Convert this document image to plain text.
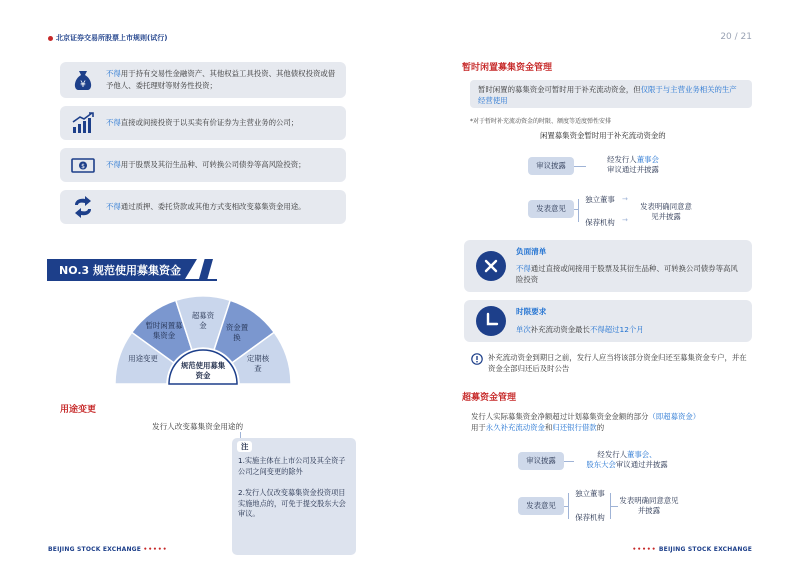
北京证券交易所股票上市规则(试行)	20 / 21
¥
不得用于持有交易性金融资产、其他权益工具投资、其他债权投资或借予他人、委托理财等财务性投资；
不得直接或间接投资于以买卖有价证券为主营业务的公司；
$	不得用于股票及其衍生品种、可转换公司债券等高风险投资；
不得通过质押、委托贷款或其他方式变相改变募集资金用途。
NO.3 规范使用募集资金
用途变更
暂时闲置募集资金
超募资金	资金置换
定期核查
规范使用募集资金
用途变更
发行人改变募集资金用途的
注
1.实施主体在上市公司及其全资子公司之间变更的除外
2.发行人仅改变募集资金投资项目实施地点的，可免于提交股东大会审议。
BEIJING STOCK EXCHANGE •••••
暂时闲置募集资金管理
暂时闲置的募集资金可暂时用于补充流动资金，但仅限于与主营业务相关的生产经营使用
*对于暂时补充流动资金的时限、额度等适度弹性安排
闲置募集资金暂时用于补充流动资金的
审议披露
经发行人董事会
审议通过并披露
发表意见
独立董事
保荐机构
→
→
发表明确同意意见并披露
负面清单
不得通过直接或间接用于股票及其衍生品种、可转换公司债券等高风险投资
时限要求
单次补充流动资金最长不得超过12个月
补充流动资金到期日之前，发行人应当将该部分资金归还至募集资金专户，并在资金全部归还后及时公告
超募资金管理
发行人实际募集资金净额超过计划募集资金金额的部分（即超募资金）
用于永久补充流动资金和归还银行借款的
审议披露
经发行人董事会、
股东大会审议通过并披露
发表意见
独立董事
保荐机构
发表明确同意意见并披露
••••• BEIJING STOCK EXCHANGE
